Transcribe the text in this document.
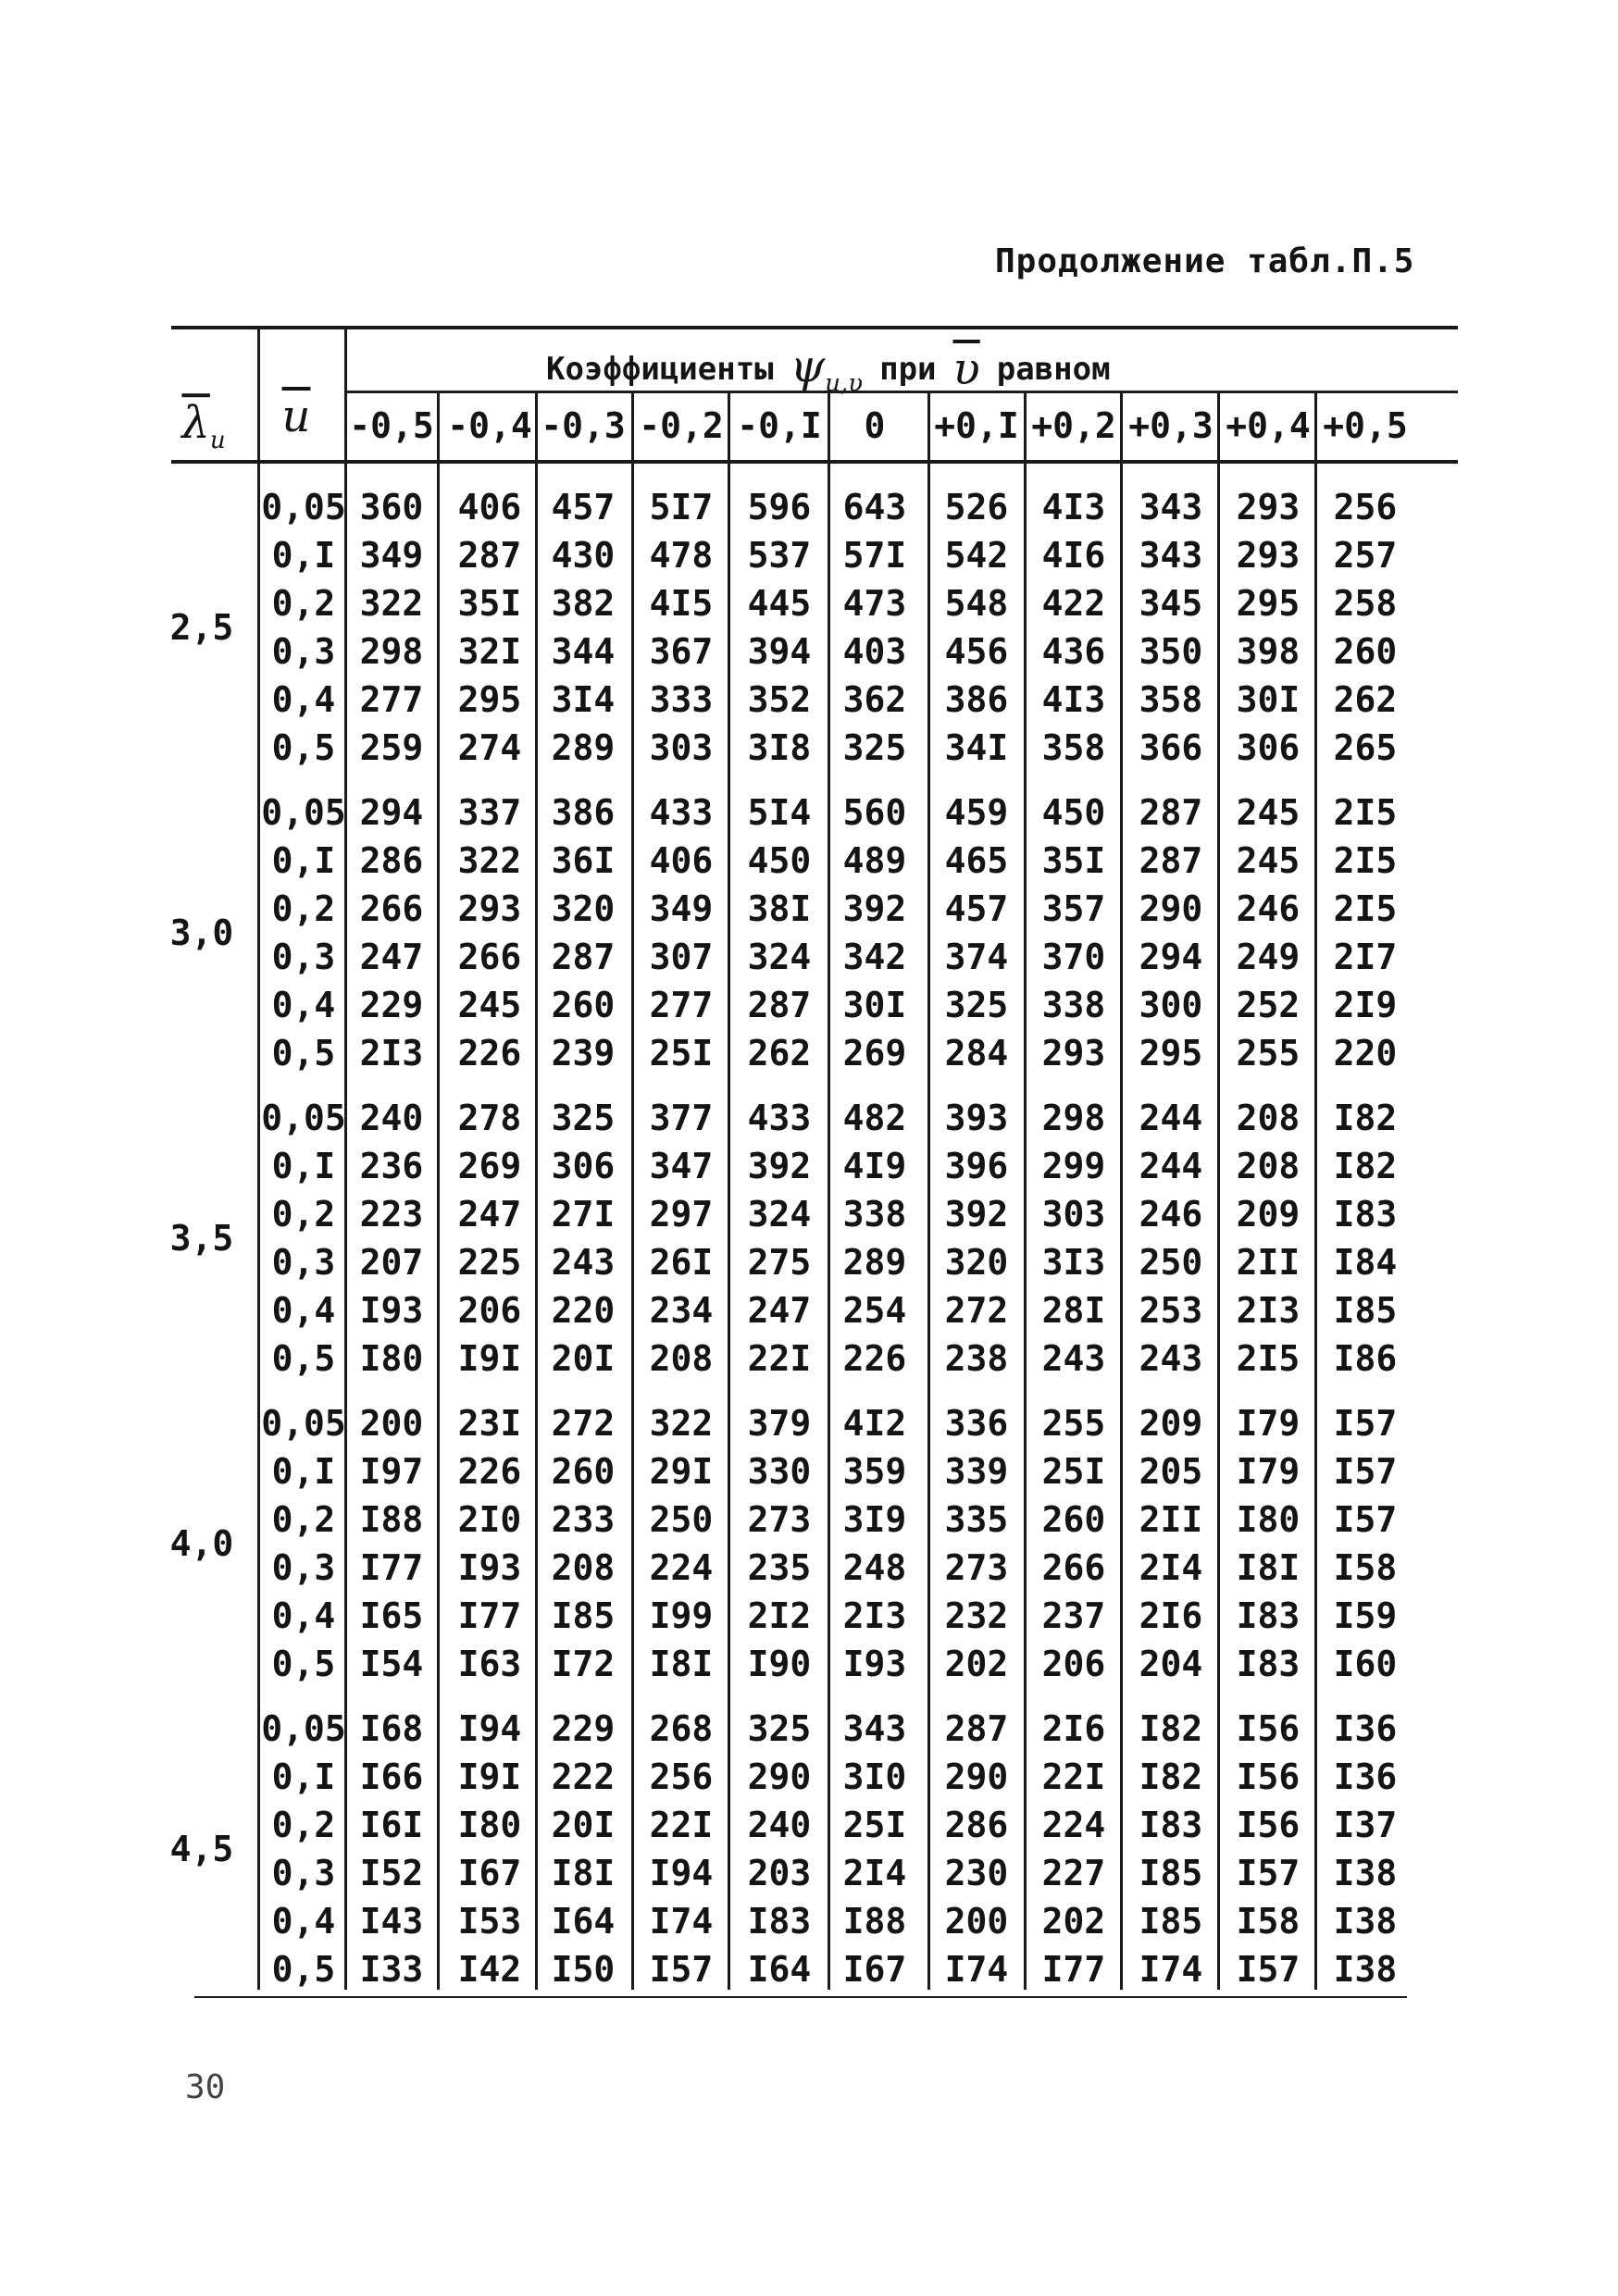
Продолжение табл.П.5
$\overline{\lambda}_и$ и
Коэффициенты $\psi_{и,\upsilon}$ при $\overline{\upsilon}$ равном
-0,5 -0,4 -0,3 -0,2 -0,I 0 +0,I +0,2 +0,3 +0,4 +0,5
2,5
0,05 360 406 457 5I7 596 643 526 4I3 343 293 256
0,I 349 287 430 478 537 57I 542 4I6 343 293 257
0,2 322 35I 382 4I5 445 473 548 422 345 295 258
0,3 298 32I 344 367 394 403 456 436 350 398 260
0,4 277 295 3I4 333 352 362 386 4I3 358 30I 262
0,5 259 274 289 303 3I8 325 34I 358 366 306 265
3,0
0,05 294 337 386 433 5I4 560 459 450 287 245 2I5
0,I 286 322 36I 406 450 489 465 35I 287 245 2I5
0,2 266 293 320 349 38I 392 457 357 290 246 2I5
0,3 247 266 287 307 324 342 374 370 294 249 2I7
0,4 229 245 260 277 287 30I 325 338 300 252 2I9
0,5 2I3 226 239 25I 262 269 284 293 295 255 220
3,5
0,05 240 278 325 377 433 482 393 298 244 208 I82
0,I 236 269 306 347 392 4I9 396 299 244 208 I82
0,2 223 247 27I 297 324 338 392 303 246 209 I83
0,3 207 225 243 26I 275 289 320 3I3 250 2II I84
0,4 I93 206 220 234 247 254 272 28I 253 2I3 I85
0,5 I80 I9I 20I 208 22I 226 238 243 243 2I5 I86
4,0
0,05 200 23I 272 322 379 4I2 336 255 209 I79 I57
0,I I97 226 260 29I 330 359 339 25I 205 I79 I57
0,2 I88 2I0 233 250 273 3I9 335 260 2II I80 I57
0,3 I77 I93 208 224 235 248 273 266 2I4 I8I I58
0,4 I65 I77 I85 I99 2I2 2I3 232 237 2I6 I83 I59
0,5 I54 I63 I72 I8I I90 I93 202 206 204 I83 I60
4,5
0,05 I68 I94 229 268 325 343 287 2I6 I82 I56 I36
0,I I66 I9I 222 256 290 3I0 290 22I I82 I56 I36
0,2 I6I I80 20I 22I 240 25I 286 224 I83 I56 I37
0,3 I52 I67 I8I I94 203 2I4 230 227 I85 I57 I38
0,4 I43 I53 I64 I74 I83 I88 200 202 I85 I58 I38
0,5 I33 I42 I50 I57 I64 I67 I74 I77 I74 I57 I38
30
